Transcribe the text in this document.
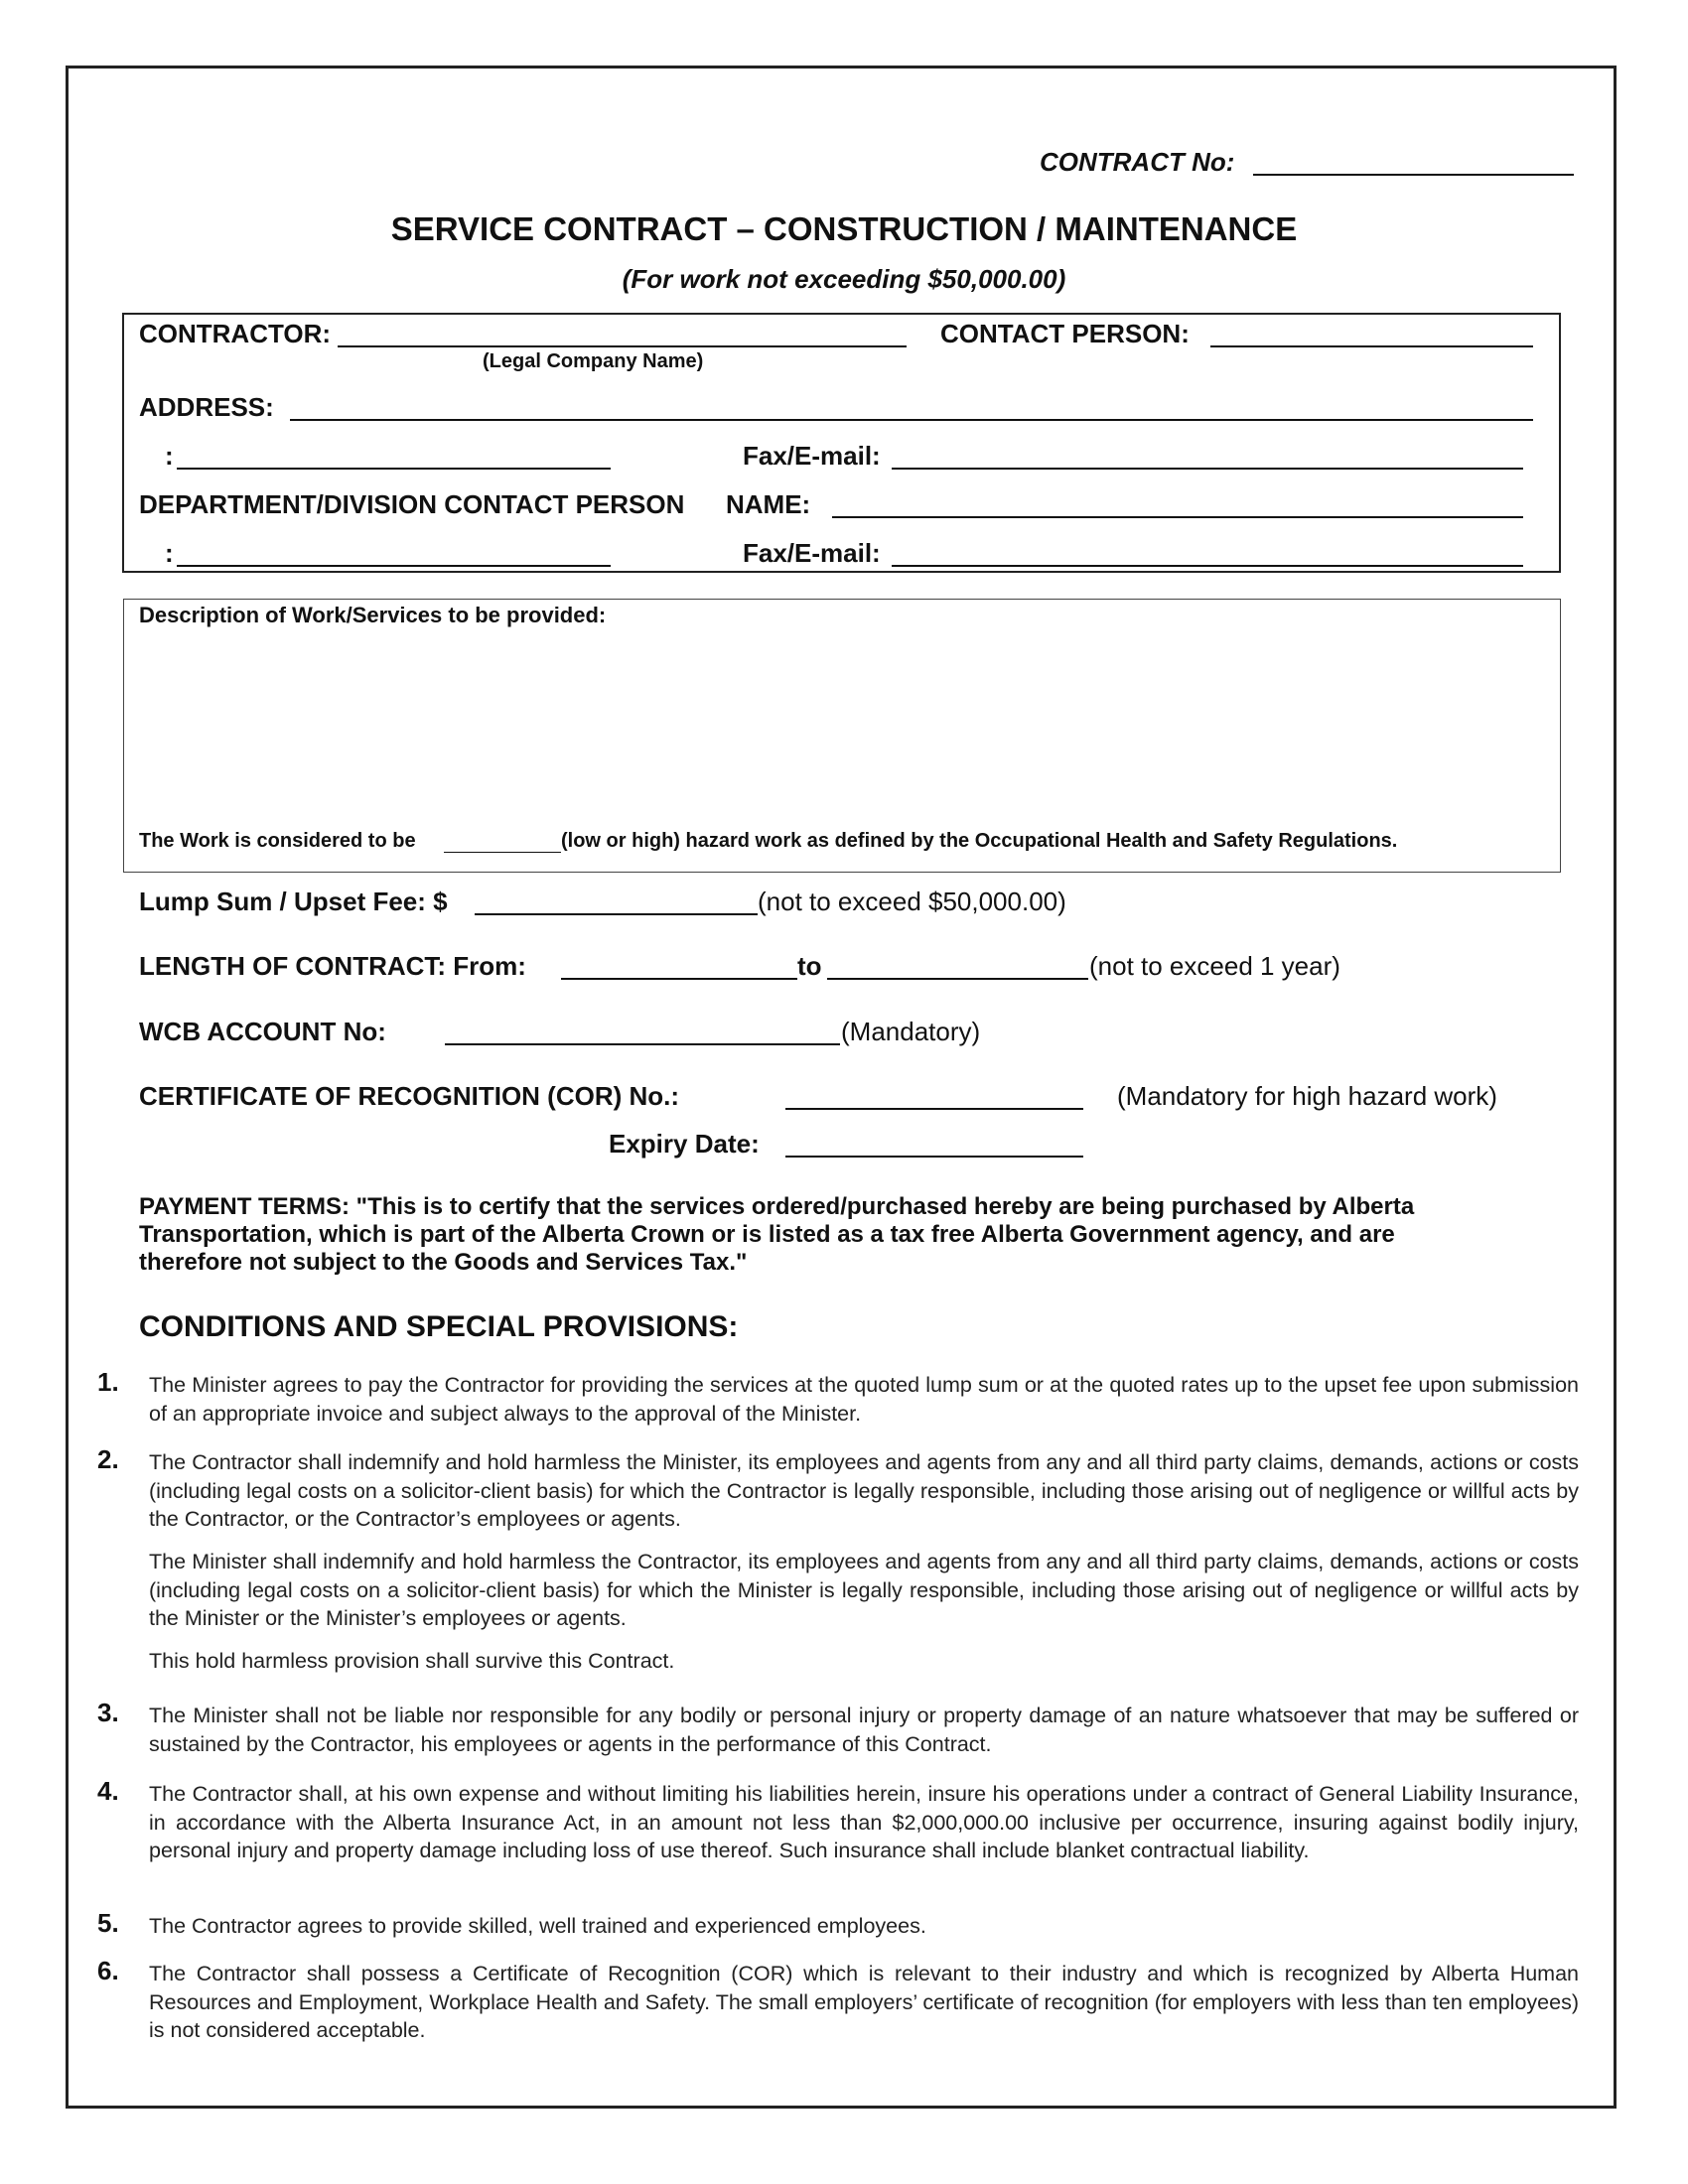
CONTRACT No:
SERVICE CONTRACT – CONSTRUCTION / MAINTENANCE
(For work not exceeding $50,000.00)
CONTRACTOR:
(Legal Company Name)
CONTACT PERSON:
ADDRESS:
:	Fax/E-mail:
DEPARTMENT/DIVISION CONTACT PERSON NAME:
:	Fax/E-mail:
Description of Work/Services to be provided:
The Work is considered to be	(low or high) hazard work as defined by the Occupational Health and Safety Regulations.
Lump Sum / Upset Fee: $	(not to exceed $50,000.00)
LENGTH OF CONTRACT: From:	to	(not to exceed 1 year)
WCB ACCOUNT No:	(Mandatory)
CERTIFICATE OF RECOGNITION (COR) No.:	(Mandatory for high hazard work)
Expiry Date:
PAYMENT TERMS: "This is to certify that the services ordered/purchased hereby are being purchased by Alberta
Transportation, which is part of the Alberta Crown or is listed as a tax free Alberta Government agency, and are
therefore not subject to the Goods and Services Tax."
CONDITIONS AND SPECIAL PROVISIONS:
1. The Minister agrees to pay the Contractor for providing the services at the quoted lump sum or at the quoted rates up to the upset fee upon submission of an appropriate invoice and subject always to the approval of the Minister.
2. The Contractor shall indemnify and hold harmless the Minister, its employees and agents from any and all third party claims, demands, actions or costs (including legal costs on a solicitor-client basis) for which the Contractor is legally responsible, including those arising out of negligence or willful acts by the Contractor, or the Contractor’s employees or agents.
The Minister shall indemnify and hold harmless the Contractor, its employees and agents from any and all third party claims, demands, actions or costs (including legal costs on a solicitor-client basis) for which the Minister is legally responsible, including those arising out of negligence or willful acts by the Minister or the Minister’s employees or agents.
This hold harmless provision shall survive this Contract.
3. The Minister shall not be liable nor responsible for any bodily or personal injury or property damage of an nature whatsoever that may be suffered or sustained by the Contractor, his employees or agents in the performance of this Contract.
4. The Contractor shall, at his own expense and without limiting his liabilities herein, insure his operations under a contract of General Liability Insurance, in accordance with the Alberta Insurance Act, in an amount not less than $2,000,000.00 inclusive per occurrence, insuring against bodily injury, personal injury and property damage including loss of use thereof. Such insurance shall include blanket contractual liability.
5. The Contractor agrees to provide skilled, well trained and experienced employees.
6. The Contractor shall possess a Certificate of Recognition (COR) which is relevant to their industry and which is recognized by Alberta Human Resources and Employment, Workplace Health and Safety. The small employers’ certificate of recognition (for employers with less than ten employees) is not considered acceptable.
